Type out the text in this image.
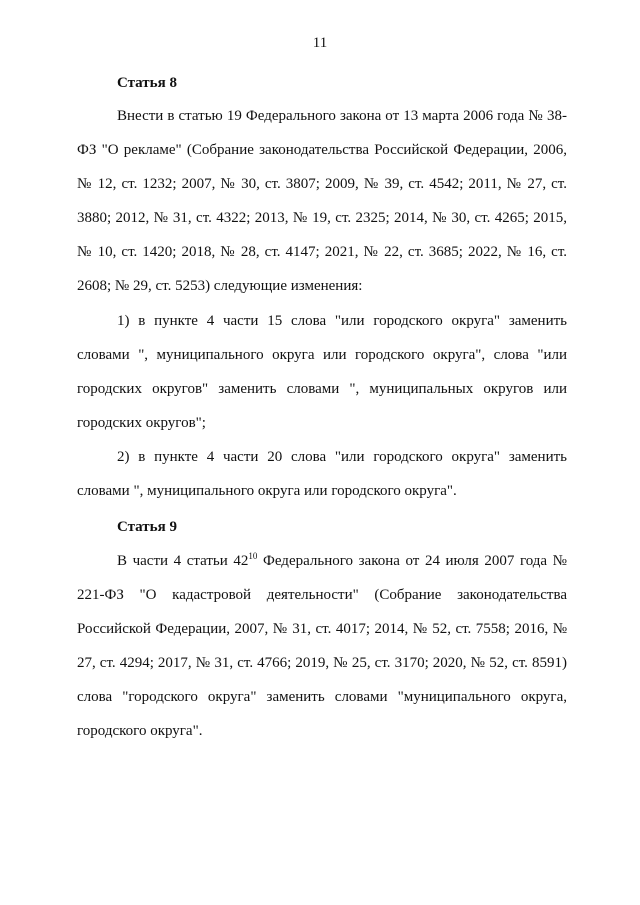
11
Статья 8
Внести в статью 19 Федерального закона от 13 марта 2006 года № 38-ФЗ "О рекламе" (Собрание законодательства Российской Федерации, 2006, № 12, ст. 1232; 2007, № 30, ст. 3807; 2009, № 39, ст. 4542; 2011, № 27, ст. 3880; 2012, № 31, ст. 4322; 2013, № 19, ст. 2325; 2014, № 30, ст. 4265; 2015, № 10, ст. 1420; 2018, № 28, ст. 4147; 2021, № 22, ст. 3685; 2022, № 16, ст. 2608; № 29, ст. 5253) следующие изменения:
1) в пункте 4 части 15 слова "или городского округа" заменить словами ", муниципального округа или городского округа", слова "или городских округов" заменить словами ", муниципальных округов или городских округов";
2) в пункте 4 части 20 слова "или городского округа" заменить словами ", муниципального округа или городского округа".
Статья 9
В части 4 статьи $42^{10}$ Федерального закона от 24 июля 2007 года № 221-ФЗ "О кадастровой деятельности" (Собрание законодательства Российской Федерации, 2007, № 31, ст. 4017; 2014, № 52, ст. 7558; 2016, № 27, ст. 4294; 2017, № 31, ст. 4766; 2019, № 25, ст. 3170; 2020, № 52, ст. 8591) слова "городского округа" заменить словами "муниципального округа, городского округа".
